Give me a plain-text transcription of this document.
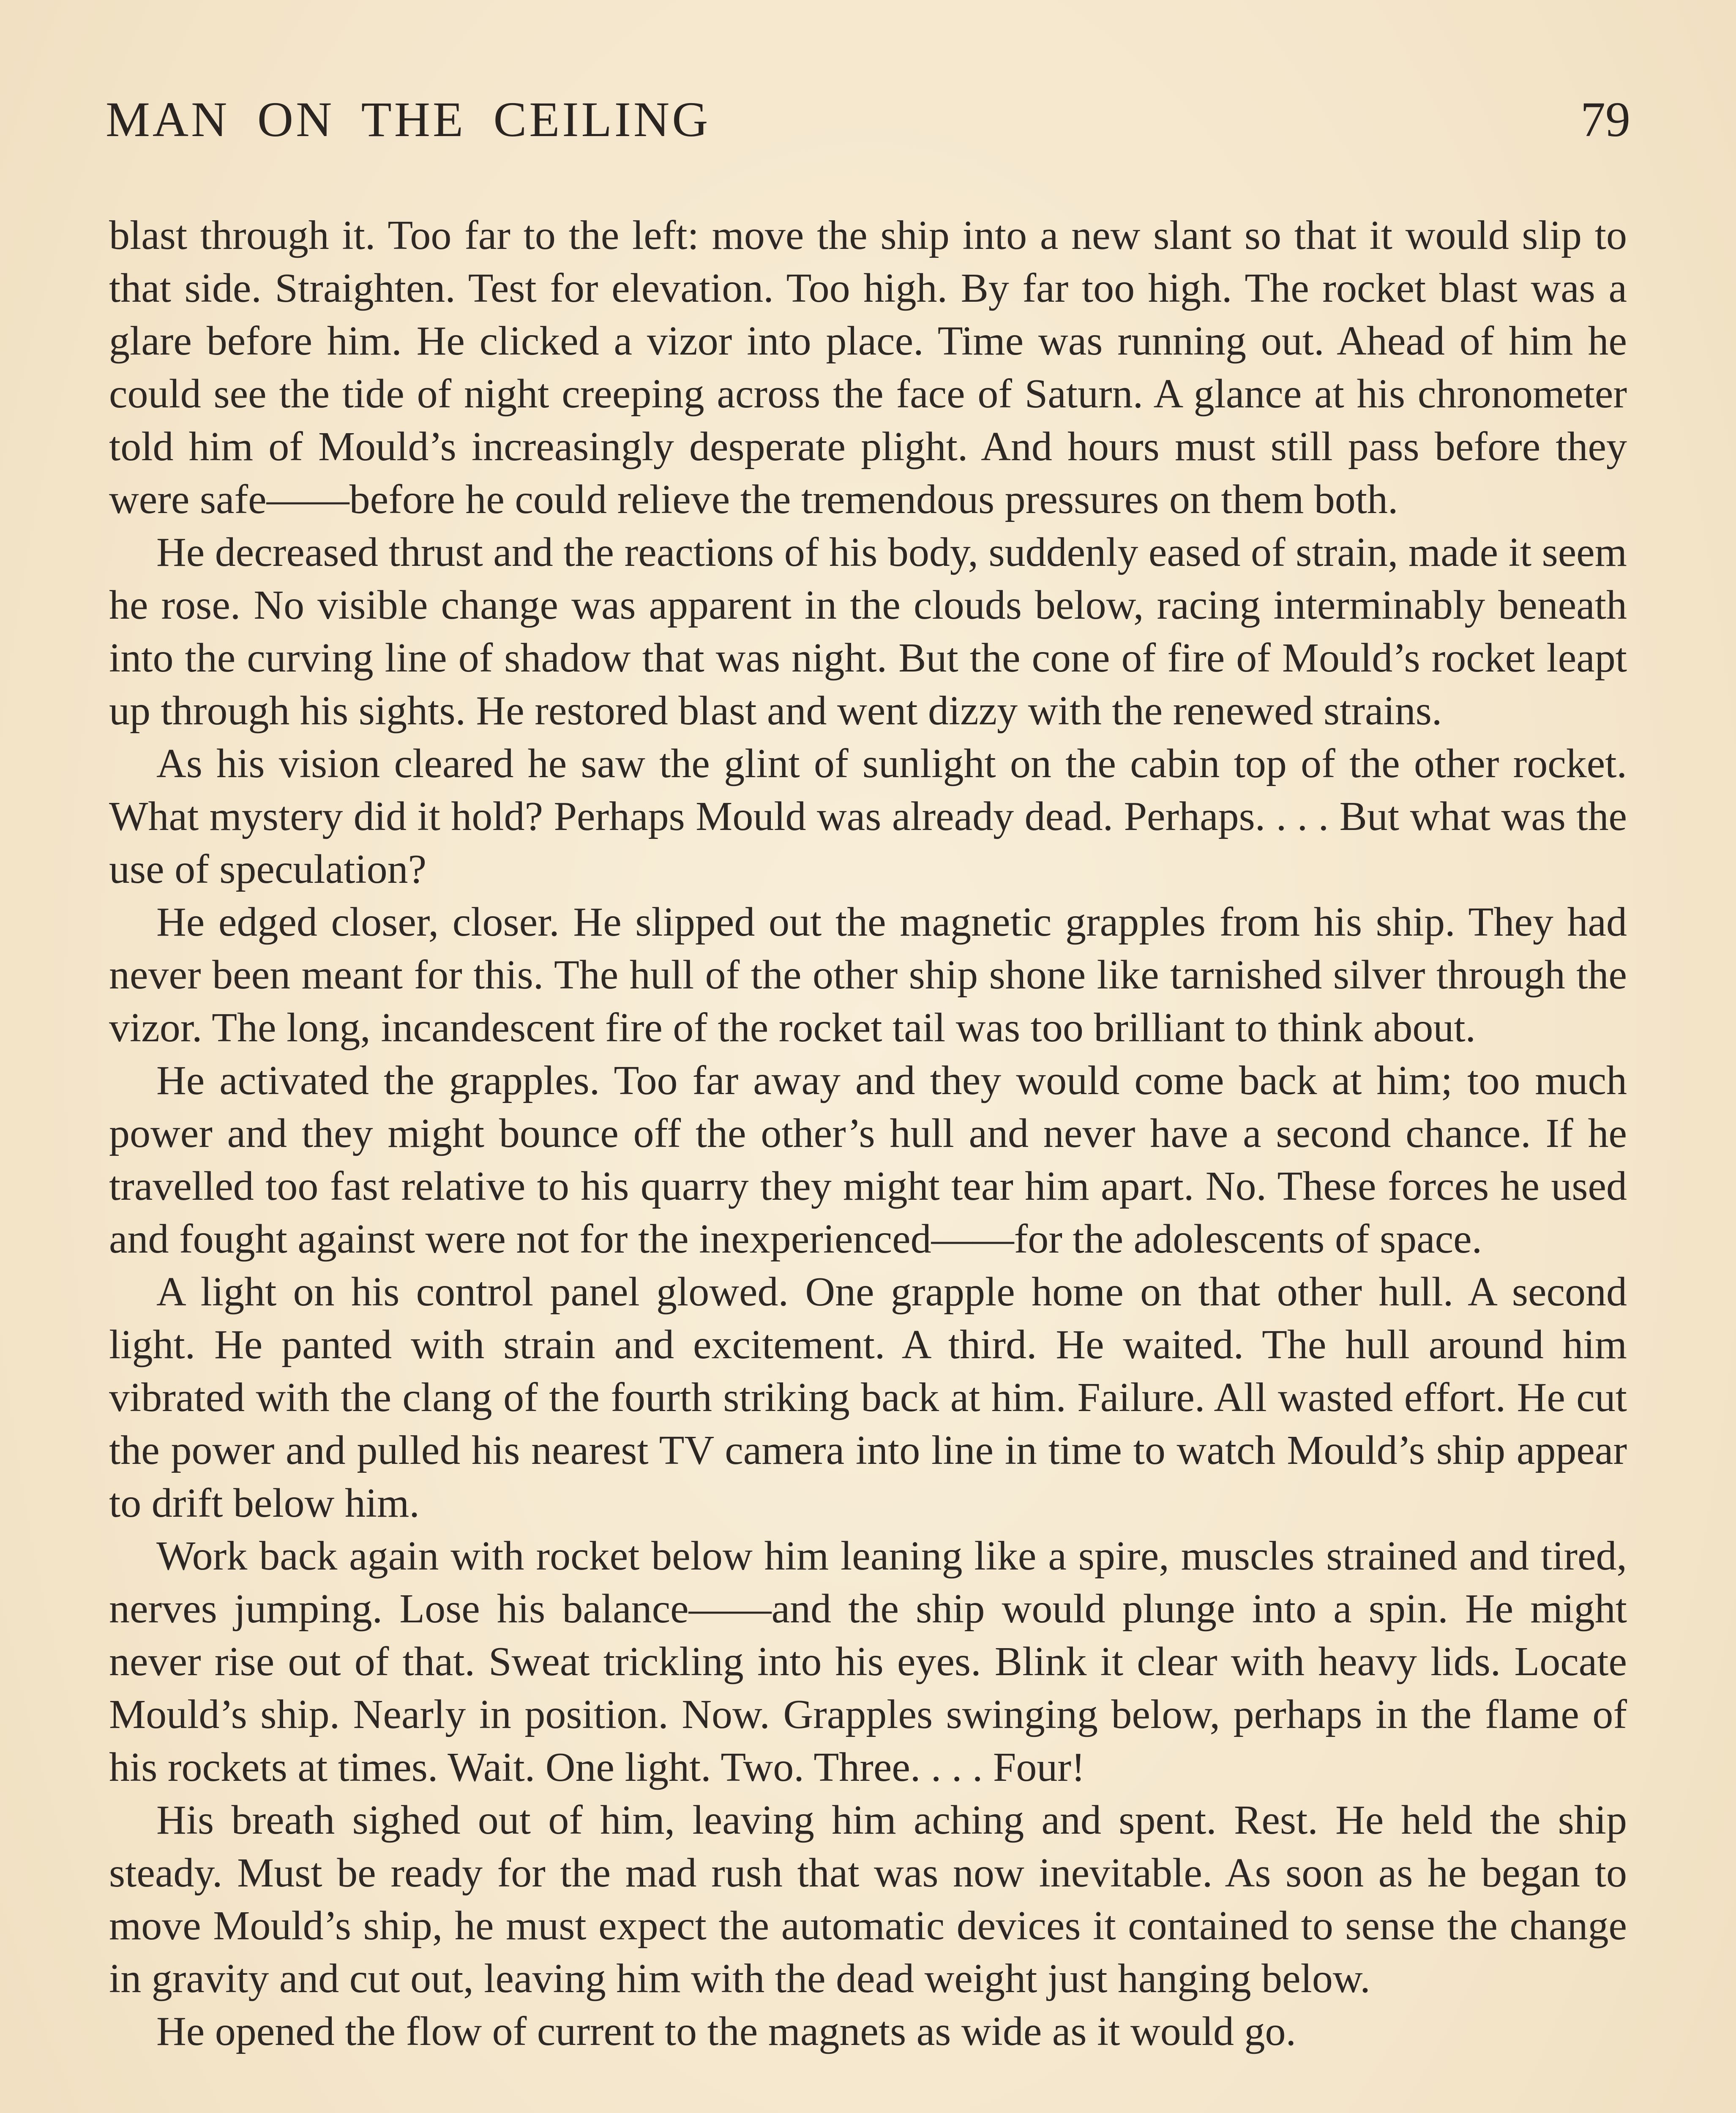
MAN ON THE CEILING	79

blast through it. Too far to the left: move the ship into a new slant so that it would slip to that side. Straighten. Test for elevation. Too high. By far too high. The rocket blast was a glare before him. He clicked a vizor into place. Time was running out. Ahead of him he could see the tide of night creeping across the face of Saturn. A glance at his chronometer told him of Mould’s increasingly desperate plight. And hours must still pass before they were safe——before he could relieve the tremendous pressures on them both.

He decreased thrust and the reactions of his body, suddenly eased of strain, made it seem he rose. No visible change was apparent in the clouds below, racing interminably beneath into the curving line of shadow that was night. But the cone of fire of Mould’s rocket leapt up through his sights. He restored blast and went dizzy with the renewed strains.

As his vision cleared he saw the glint of sunlight on the cabin top of the other rocket. What mystery did it hold? Perhaps Mould was already dead. Perhaps. . . . But what was the use of speculation?

He edged closer, closer. He slipped out the magnetic grapples from his ship. They had never been meant for this. The hull of the other ship shone like tarnished silver through the vizor. The long, incandescent fire of the rocket tail was too brilliant to think about.

He activated the grapples. Too far away and they would come back at him; too much power and they might bounce off the other’s hull and never have a second chance. If he travelled too fast relative to his quarry they might tear him apart. No. These forces he used and fought against were not for the inexperienced——for the adolescents of space.

A light on his control panel glowed. One grapple home on that other hull. A second light. He panted with strain and excitement. A third. He waited. The hull around him vibrated with the clang of the fourth striking back at him. Failure. All wasted effort. He cut the power and pulled his nearest TV camera into line in time to watch Mould’s ship appear to drift below him.

Work back again with rocket below him leaning like a spire, muscles strained and tired, nerves jumping. Lose his balance——and the ship would plunge into a spin. He might never rise out of that. Sweat trickling into his eyes. Blink it clear with heavy lids. Locate Mould’s ship. Nearly in position. Now. Grapples swinging below, perhaps in the flame of his rockets at times. Wait. One light. Two. Three. . . . Four!

His breath sighed out of him, leaving him aching and spent. Rest. He held the ship steady. Must be ready for the mad rush that was now inevitable. As soon as he began to move Mould’s ship, he must expect the automatic devices it contained to sense the change in gravity and cut out, leaving him with the dead weight just hanging below.

He opened the flow of current to the magnets as wide as it would go.
